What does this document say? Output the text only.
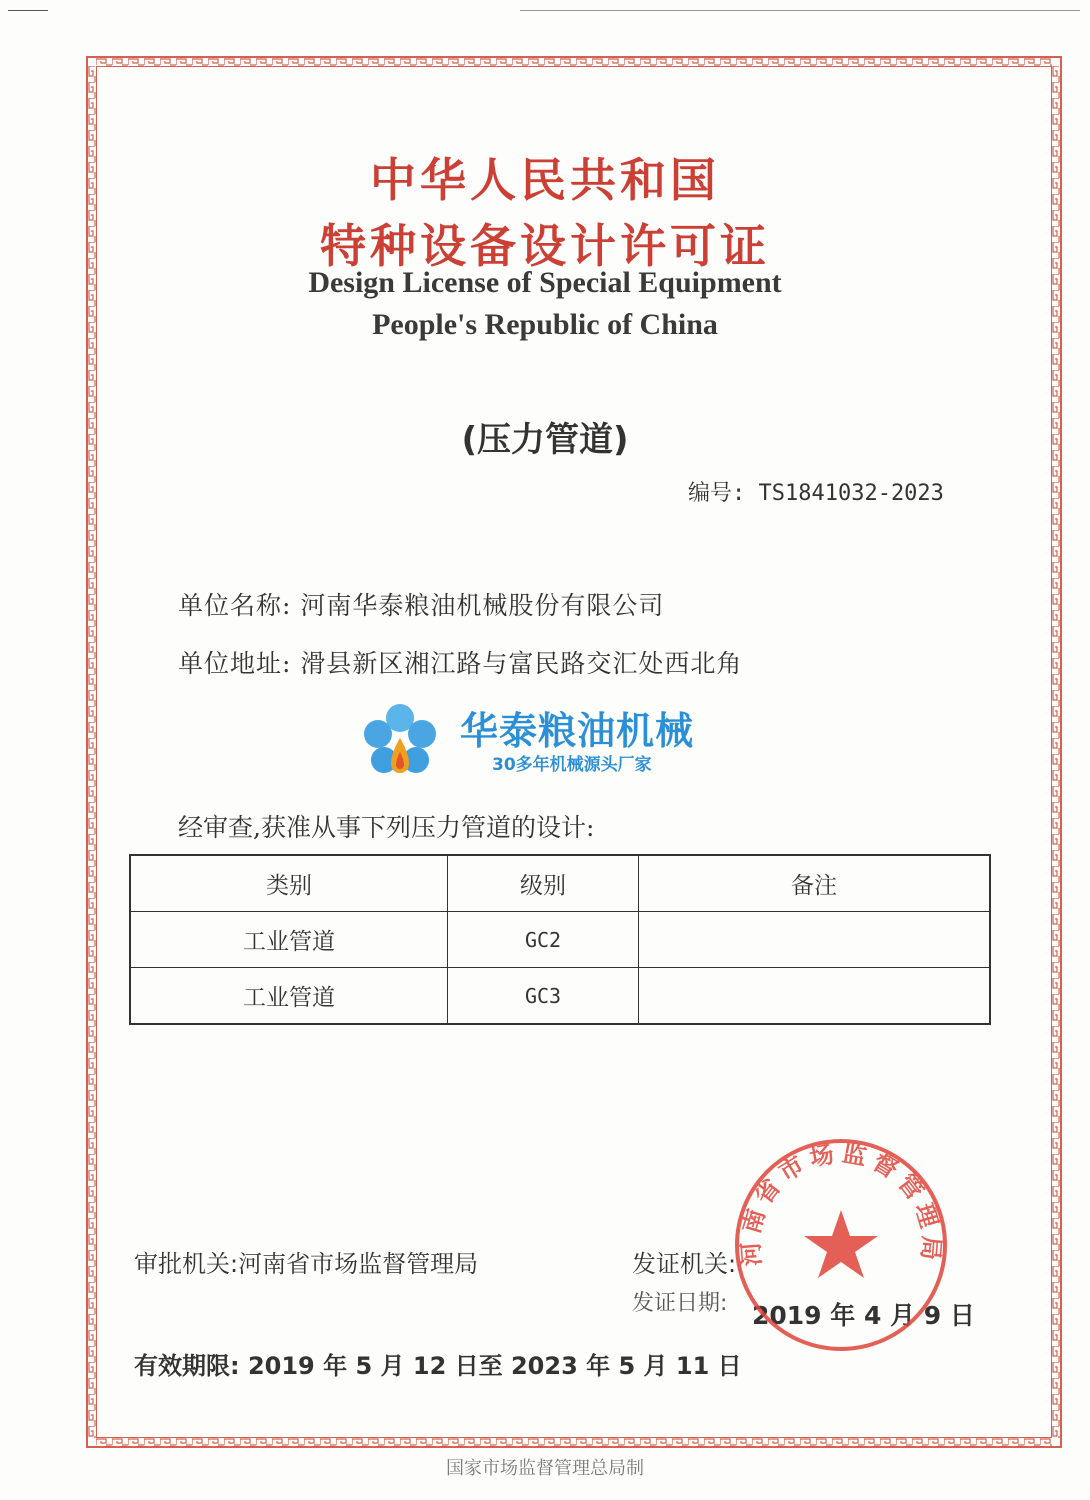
中华人民共和国
特种设备设计许可证
Design License of Special Equipment
People's Republic of China
(压力管道)
编号: TS1841032-2023
单位名称: 河南华泰粮油机械股份有限公司
单位地址: 滑县新区湘江路与富民路交汇处西北角
华泰粮油机械
30多年机械源头厂家
经审查,获准从事下列压力管道的设计:
类别	级别	备注
工业管道	GC2	
工业管道	GC3	
审批机关:河南省市场监督管理局	发证机关:
发证日期: 2019 年 4 月 9 日
有效期限: 2019 年 5 月 12 日至 2023 年 5 月 11 日
河南省市场监督管理局
国家市场监督管理总局制
